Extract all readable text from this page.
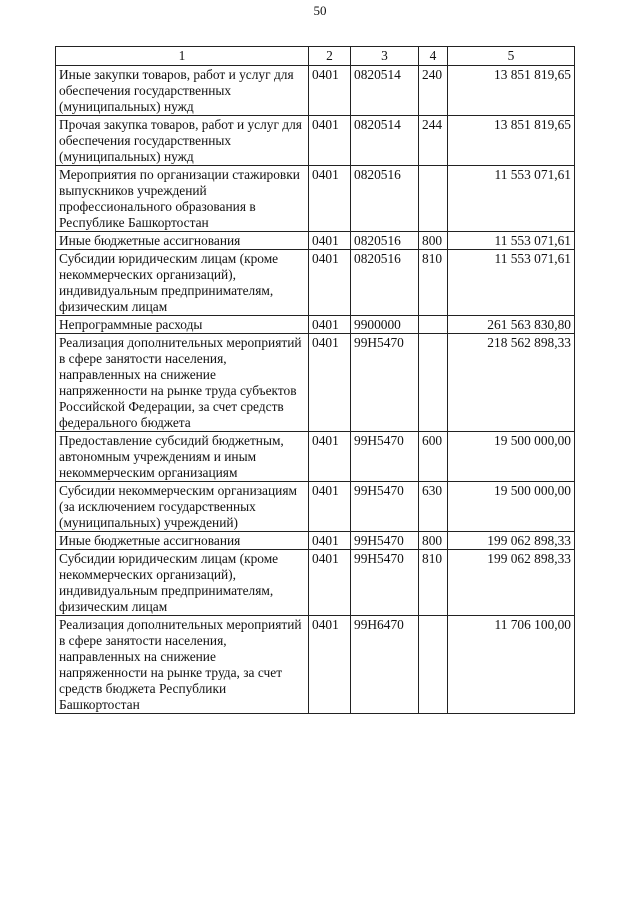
50
1	2	3	4	5
Иные закупки товаров, работ и услуг для обеспечения государственных (муниципальных) нужд	0401	0820514	240	13 851 819,65
Прочая закупка товаров, работ и услуг для обеспечения государственных (муниципальных) нужд	0401	0820514	244	13 851 819,65
Мероприятия по организации стажировки выпускников учреждений профессионального образования в Республике Башкортостан	0401	0820516		11 553 071,61
Иные бюджетные ассигнования	0401	0820516	800	11 553 071,61
Субсидии юридическим лицам (кроме некоммерческих организаций), индивидуальным предпринимателям, физическим лицам	0401	0820516	810	11 553 071,61
Непрограммные расходы	0401	9900000		261 563 830,80
Реализация дополнительных мероприятий в сфере занятости населения, направленных на снижение напряженности на рынке труда субъектов Российской Федерации, за счет средств федерального бюджета	0401	99Н5470		218 562 898,33
Предоставление субсидий бюджетным, автономным учреждениям и иным некоммерческим организациям	0401	99Н5470	600	19 500 000,00
Субсидии некоммерческим организациям (за исключением государственных (муниципальных) учреждений)	0401	99Н5470	630	19 500 000,00
Иные бюджетные ассигнования	0401	99Н5470	800	199 062 898,33
Субсидии юридическим лицам (кроме некоммерческих организаций), индивидуальным предпринимателям, физическим лицам	0401	99Н5470	810	199 062 898,33
Реализация дополнительных мероприятий в сфере занятости населения, направленных на снижение напряженности на рынке труда, за счет средств бюджета Республики Башкортостан	0401	99Н6470		11 706 100,00
